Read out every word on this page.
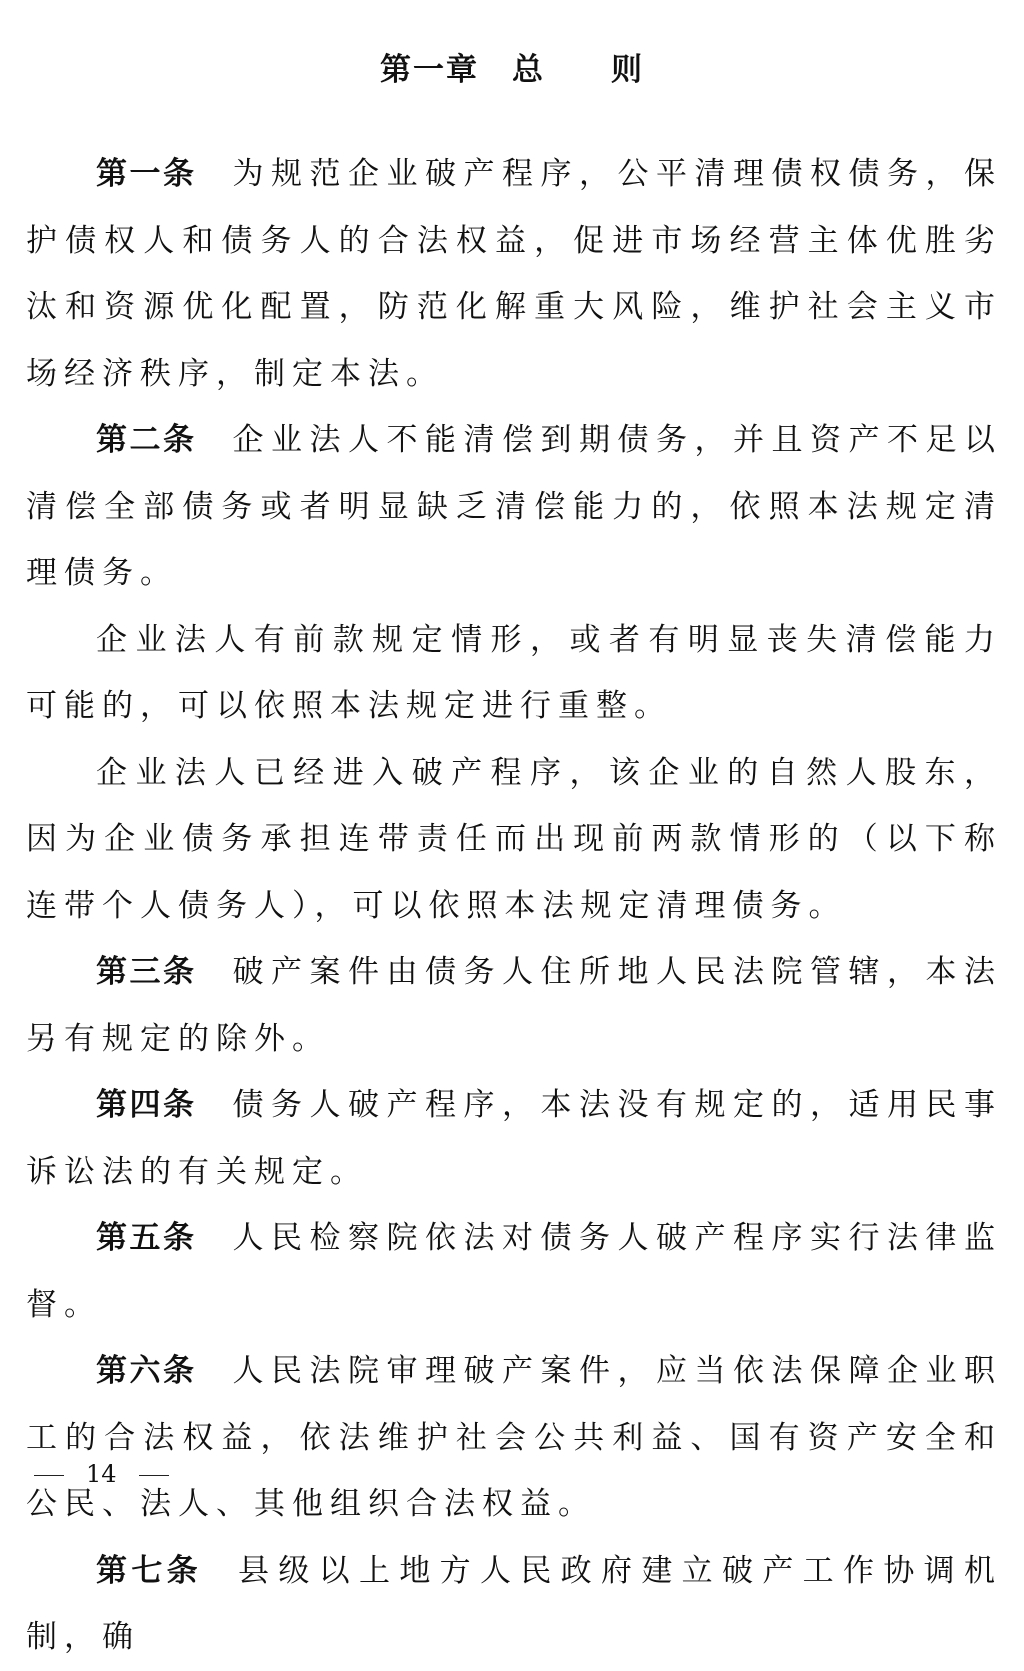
第一章　总　　则

第一条 为规范企业破产程序，公平清理债权债务，保护债权人和债务人的合法权益，促进市场经营主体优胜劣汰和资源优化配置，防范化解重大风险，维护社会主义市场经济秩序，制定本法。

第二条 企业法人不能清偿到期债务，并且资产不足以清偿全部债务或者明显缺乏清偿能力的，依照本法规定清理债务。

企业法人有前款规定情形，或者有明显丧失清偿能力可能的，可以依照本法规定进行重整。

企业法人已经进入破产程序，该企业的自然人股东，因为企业债务承担连带责任而出现前两款情形的（以下称连带个人债务人），可以依照本法规定清理债务。

第三条 破产案件由债务人住所地人民法院管辖，本法另有规定的除外。

第四条 债务人破产程序，本法没有规定的，适用民事诉讼法的有关规定。

第五条 人民检察院依法对债务人破产程序实行法律监督。

第六条 人民法院审理破产案件，应当依法保障企业职工的合法权益，依法维护社会公共利益、国有资产安全和公民、法人、其他组织合法权益。

第七条 县级以上地方人民政府建立破产工作协调机制，确

14
